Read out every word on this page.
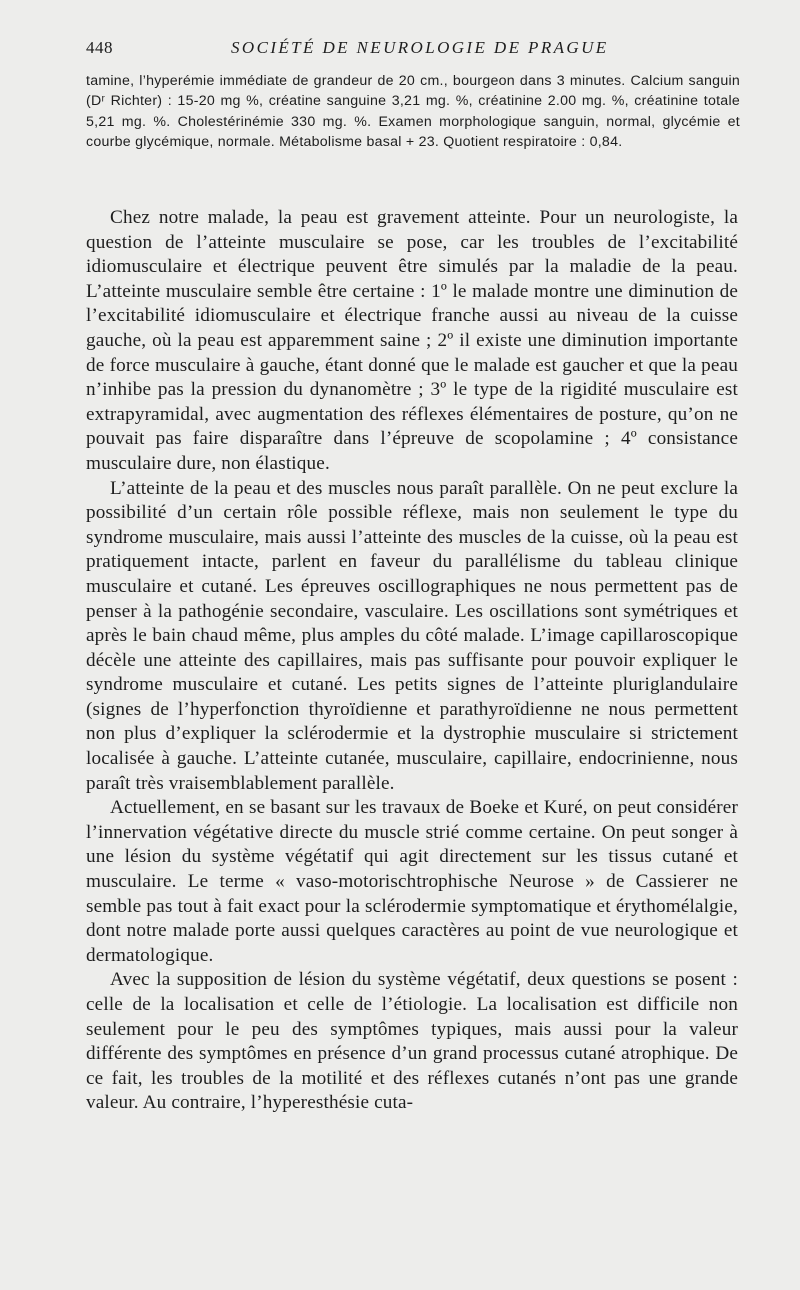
448	SOCIÉTÉ DE NEUROLOGIE DE PRAGUE

tamine, l’hyperémie immédiate de grandeur de 20 cm., bourgeon dans 3 minutes. Calcium sanguin (Dʳ Richter) : 15-20 mg %, créatine sanguine 3,21 mg. %, créatinine 2.00 mg. %, créatinine totale 5,21 mg. %. Cholestérinémie 330 mg. %. Examen morphologique sanguin, normal, glycémie et courbe glycémique, normale. Métabolisme basal + 23. Quotient respiratoire : 0,84.

Chez notre malade, la peau est gravement atteinte. Pour un neurologiste, la question de l’atteinte musculaire se pose, car les troubles de l’excitabilité idiomusculaire et électrique peuvent être simulés par la maladie de la peau. L’atteinte musculaire semble être certaine : 1º le malade montre une diminution de l’excitabilité idiomusculaire et électrique franche aussi au niveau de la cuisse gauche, où la peau est apparemment saine ; 2º il existe une diminution importante de force musculaire à gauche, étant donné que le malade est gaucher et que la peau n’inhibe pas la pression du dynanomètre ; 3º le type de la rigidité musculaire est extrapyramidal, avec augmentation des réflexes élémentaires de posture, qu’on ne pouvait pas faire disparaître dans l’épreuve de scopolamine ; 4º consistance musculaire dure, non élastique.

L’atteinte de la peau et des muscles nous paraît parallèle. On ne peut exclure la possibilité d’un certain rôle possible réflexe, mais non seulement le type du syndrome musculaire, mais aussi l’atteinte des muscles de la cuisse, où la peau est pratiquement intacte, parlent en faveur du parallélisme du tableau clinique musculaire et cutané. Les épreuves oscillographiques ne nous permettent pas de penser à la pathogénie secondaire, vasculaire. Les oscillations sont symétriques et après le bain chaud même, plus amples du côté malade. L’image capillaroscopique décèle une atteinte des capillaires, mais pas suffisante pour pouvoir expliquer le syndrome musculaire et cutané. Les petits signes de l’atteinte pluriglandulaire (signes de l’hyperfonction thyroïdienne et parathyroïdienne ne nous permettent non plus d’expliquer la sclérodermie et la dystrophie musculaire si strictement localisée à gauche. L’atteinte cutanée, musculaire, capillaire, endocrinienne, nous paraît très vraisemblablement parallèle.

Actuellement, en se basant sur les travaux de Boeke et Kuré, on peut considérer l’innervation végétative directe du muscle strié comme certaine. On peut songer à une lésion du système végétatif qui agit directement sur les tissus cutané et musculaire. Le terme « vaso-motorischtrophische Neurose » de Cassierer ne semble pas tout à fait exact pour la sclérodermie symptomatique et érythomélalgie, dont notre malade porte aussi quelques caractères au point de vue neurologique et dermatologique.

Avec la supposition de lésion du système végétatif, deux questions se posent : celle de la localisation et celle de l’étiologie. La localisation est difficile non seulement pour le peu des symptômes typiques, mais aussi pour la valeur différente des symptômes en présence d’un grand processus cutané atrophique. De ce fait, les troubles de la motilité et des réflexes cutanés n’ont pas une grande valeur. Au contraire, l’hyperesthésie cuta-
